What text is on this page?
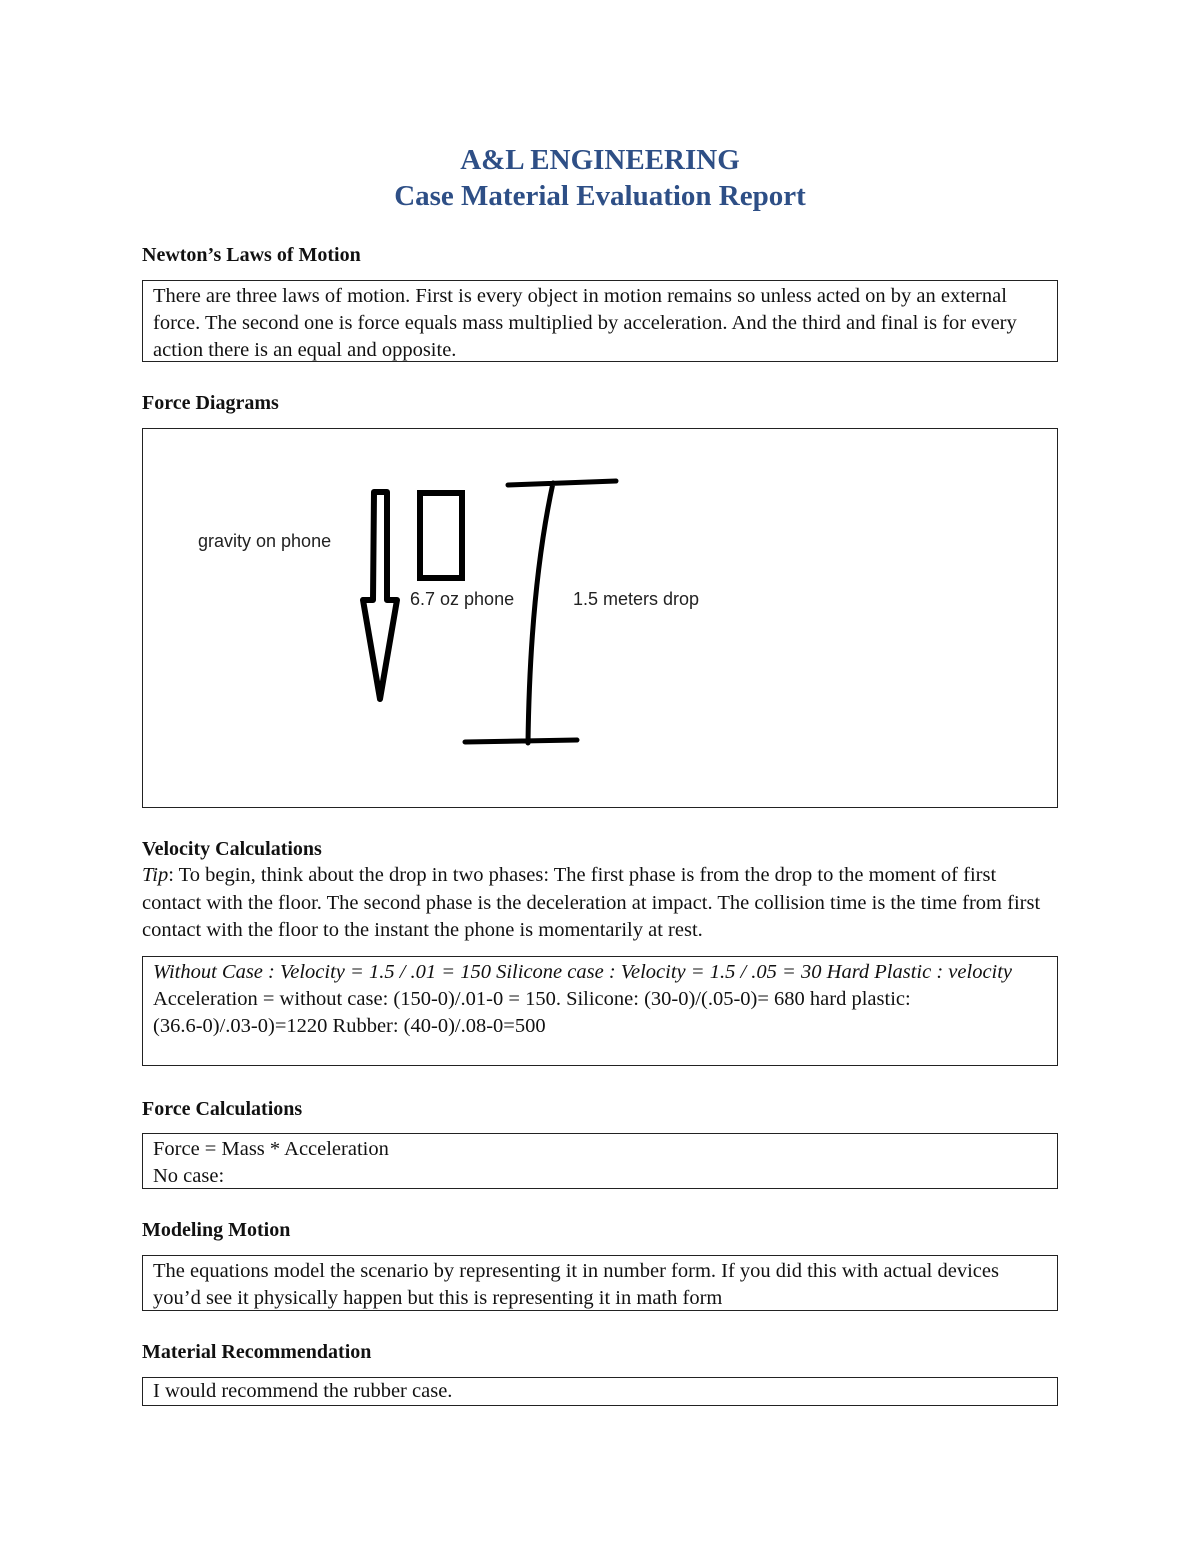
A&L ENGINEERING
Case Material Evaluation Report
Newton’s Laws of Motion

There are three laws of motion. First is every object in motion remains so unless acted on by an external force. The second one is force equals mass multiplied by acceleration. And the third and final is for every action there is an equal and opposite.

Force Diagrams
gravity on phone
6.7 oz phone	1.5 meters drop
Velocity Calculations
Tip: To begin, think about the drop in two phases: The first phase is from the drop to the moment of first contact with the floor. The second phase is the deceleration at impact. The collision time is the time from first contact with the floor to the instant the phone is momentarily at rest.
Without Case : Velocity = 1.5 / .01 = 150 Silicone case : Velocity = 1.5 / .05 = 30 Hard Plastic : velocity
Acceleration = without case: (150-0)/.01-0 = 150. Silicone: (30-0)/(.05-0)= 680 hard plastic:
(36.6-0)/.03-0)=1220 Rubber: (40-0)/.08-0=500
Force Calculations
Force = Mass * Acceleration
No case:
Modeling Motion

The equations model the scenario by representing it in number form. If you did this with actual devices you’d see it physically happen but this is representing it in math form

Material Recommendation

I would recommend the rubber case.
